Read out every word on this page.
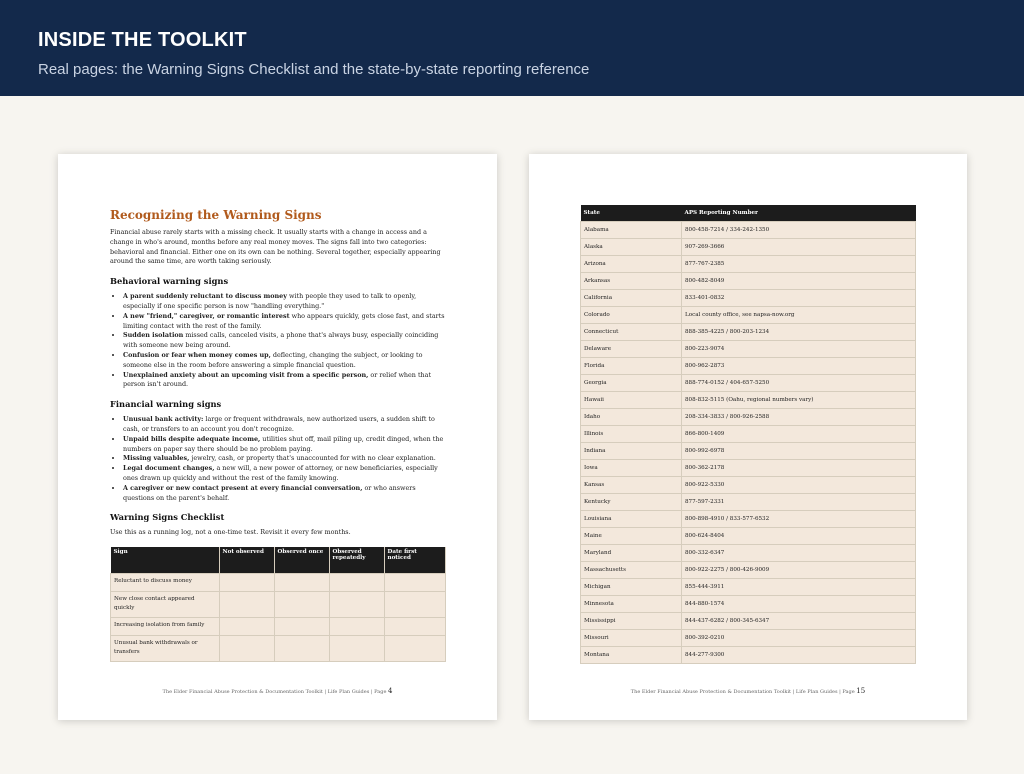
INSIDE THE TOOLKIT

Real pages: the Warning Signs Checklist and the state-by-state reporting reference

Recognizing the Warning Signs

Financial abuse rarely starts with a missing check. It usually starts with a change in access and a change in who's around, months before any real money moves. The signs fall into two categories: behavioral and financial. Either one on its own can be nothing. Several together, especially appearing around the same time, are worth taking seriously.

Behavioral warning signs
• A parent suddenly reluctant to discuss money with people they used to talk to openly, especially if one specific person is now "handling everything."
• A new "friend," caregiver, or romantic interest who appears quickly, gets close fast, and starts limiting contact with the rest of the family.
• Sudden isolation missed calls, canceled visits, a phone that's always busy, especially coinciding with someone new being around.
• Confusion or fear when money comes up, deflecting, changing the subject, or looking to someone else in the room before answering a simple financial question.
• Unexplained anxiety about an upcoming visit from a specific person, or relief when that person isn't around.
Financial warning signs
• Unusual bank activity: large or frequent withdrawals, new authorized users, a sudden shift to cash, or transfers to an account you don't recognize.
• Unpaid bills despite adequate income, utilities shut off, mail piling up, credit dinged, when the numbers on paper say there should be no problem paying.
• Missing valuables, jewelry, cash, or property that's unaccounted for with no clear explanation.
• Legal document changes, a new will, a new power of attorney, or new beneficiaries, especially ones drawn up quickly and without the rest of the family knowing.
• A caregiver or new contact present at every financial conversation, or who answers questions on the parent's behalf.
Warning Signs Checklist

Use this as a running log, not a one-time test. Revisit it every few months.

Sign	Not observed	Observed once	Observed repeatedly	Date first noticed
Reluctant to discuss money				
New close contact appeared quickly				
Increasing isolation from family				
Unusual bank withdrawals or transfers				
The Elder Financial Abuse Protection & Documentation Toolkit | Life Plan Guides | Page 4
State	APS Reporting Number
Alabama	800-458-7214 / 334-242-1350
Alaska	907-269-3666
Arizona	877-767-2385
Arkansas	800-482-8049
California	833-401-0832
Colorado	Local county office, see napsa-now.org
Connecticut	888-385-4225 / 800-203-1234
Delaware	800-223-9074
Florida	800-962-2873
Georgia	888-774-0152 / 404-657-5250
Hawaii	808-832-5115 (Oahu, regional numbers vary)
Idaho	208-334-3833 / 800-926-2588
Illinois	866-800-1409
Indiana	800-992-6978
Iowa	800-362-2178
Kansas	800-922-5330
Kentucky	877-597-2331
Louisiana	800-898-4910 / 833-577-6532
Maine	800-624-8404
Maryland	800-332-6347
Massachusetts	800-922-2275 / 800-426-9009
Michigan	855-444-3911
Minnesota	844-880-1574
Mississippi	844-437-6282 / 800-345-6347
Missouri	800-392-0210
Montana	844-277-9300
The Elder Financial Abuse Protection & Documentation Toolkit | Life Plan Guides | Page 15
